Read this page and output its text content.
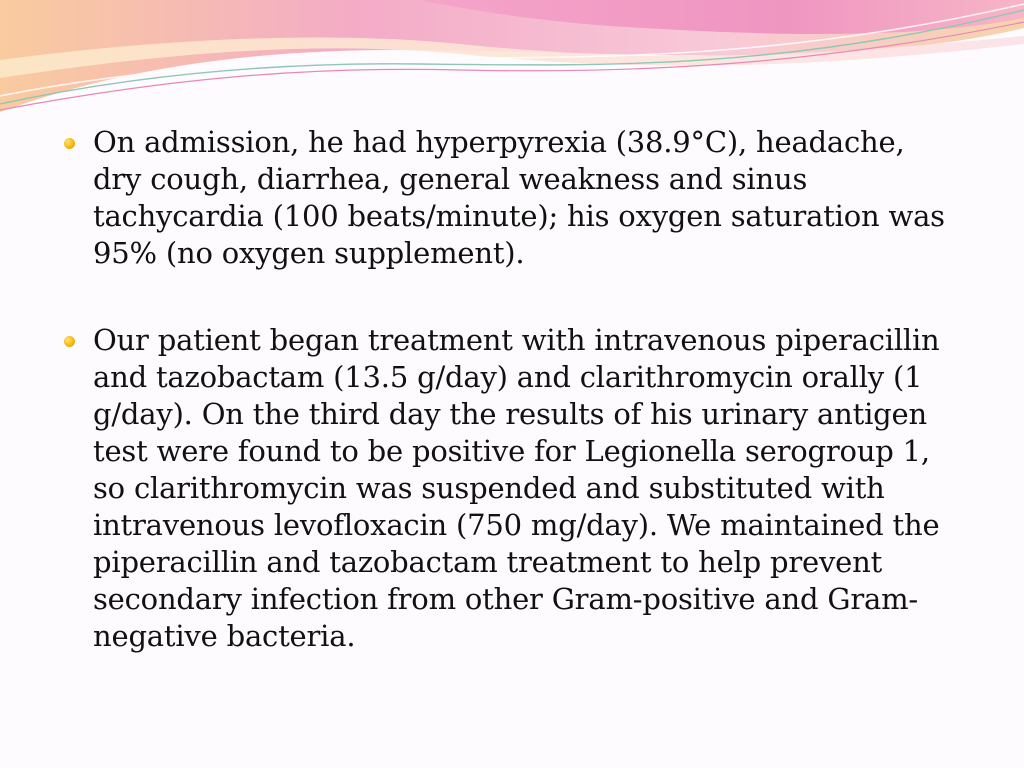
On admission, he had hyperpyrexia (38.9°C), headache, dry cough, diarrhea, general weakness and sinus tachycardia (100 beats/minute); his oxygen saturation was 95% (no oxygen supplement).
Our patient began treatment with intravenous piperacillin and tazobactam (13.5 g/day) and clarithromycin orally (1 g/day). On the third day the results of his urinary antigen test were found to be positive for Legionella serogroup 1, so clarithromycin was suspended and substituted with intravenous levofloxacin (750 mg/day). We maintained the piperacillin and tazobactam treatment to help prevent secondary infection from other Gram-positive and Gram-negative bacteria.
